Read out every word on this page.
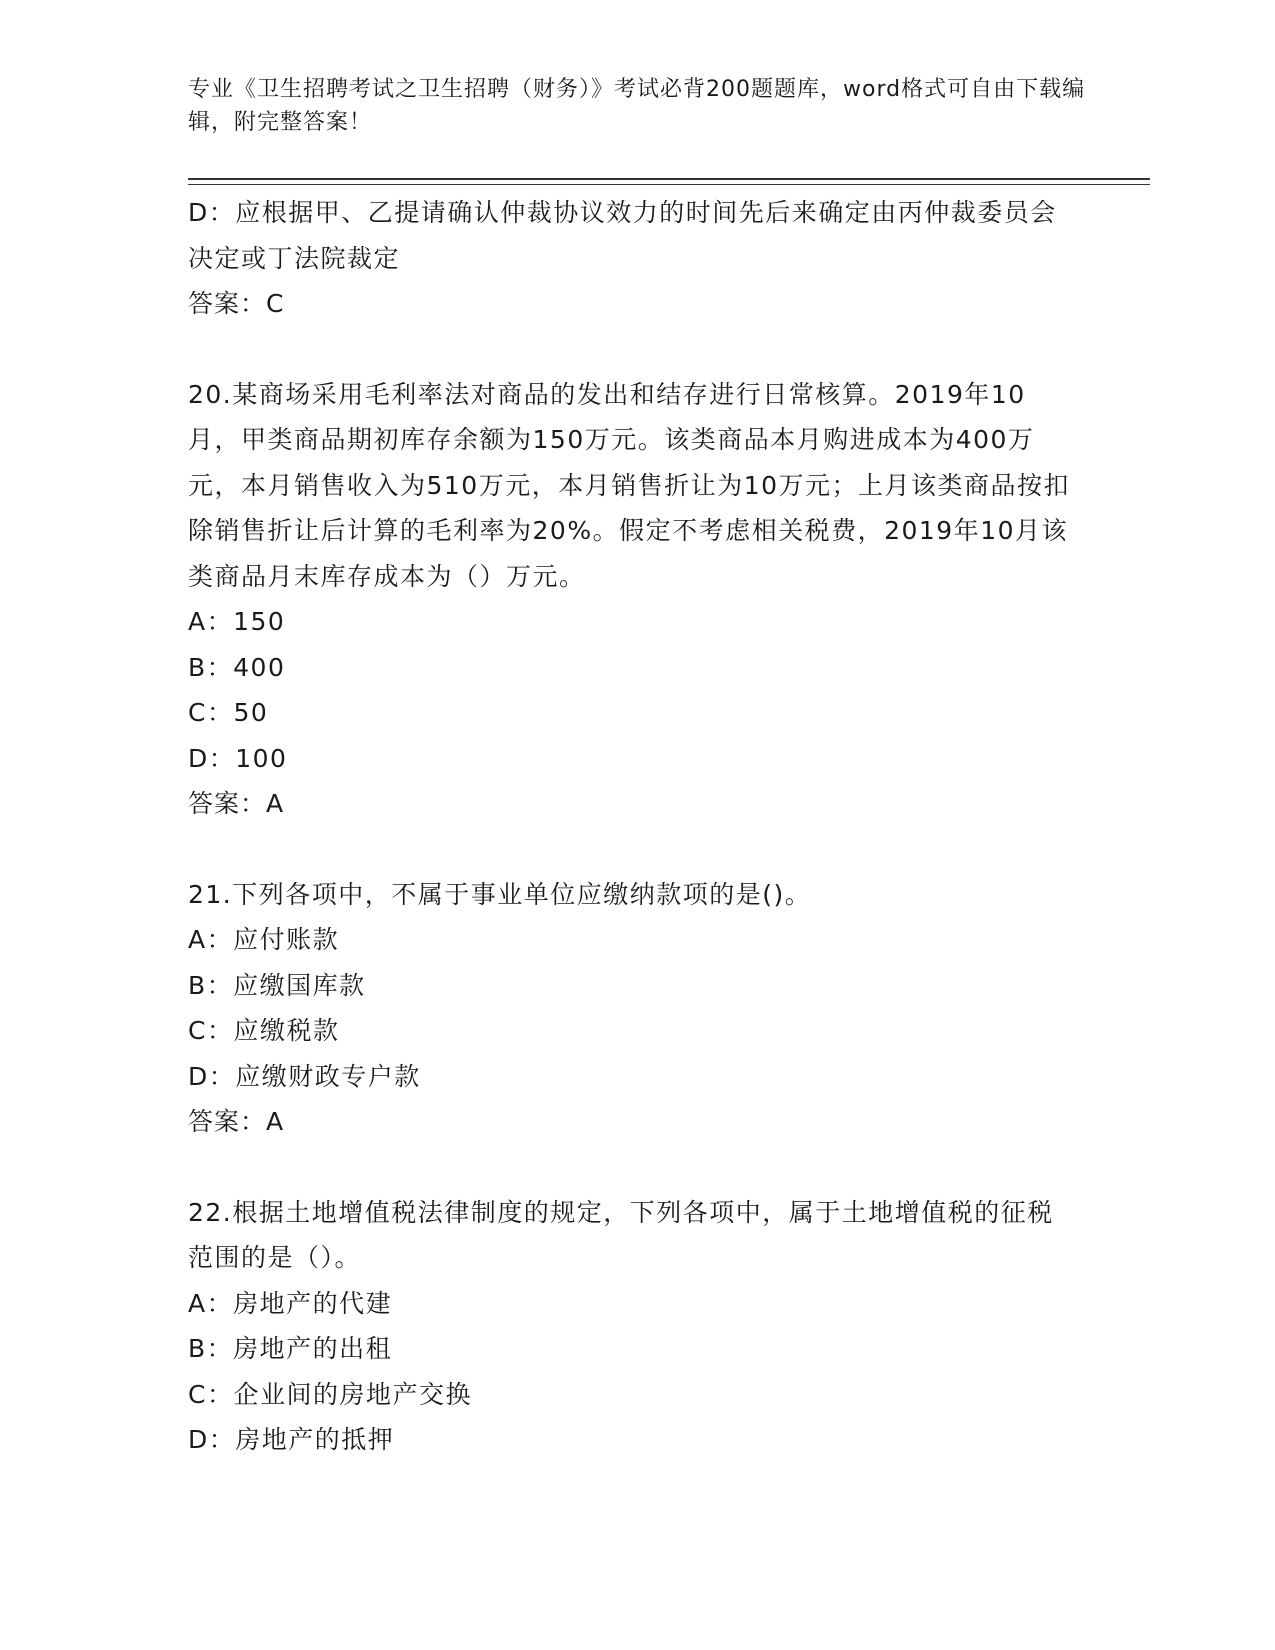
专业《卫生招聘考试之卫生招聘（财务）》考试必背200题题库，word格式可自由下载编辑，附完整答案！

D：应根据甲、乙提请确认仲裁协议效力的时间先后来确定由丙仲裁委员会决定或丁法院裁定

答案：C

20.某商场采用毛利率法对商品的发出和结存进行日常核算。2019年10月，甲类商品期初库存余额为150万元。该类商品本月购进成本为400万元，本月销售收入为510万元，本月销售折让为10万元；上月该类商品按扣除销售折让后计算的毛利率为20%。假定不考虑相关税费，2019年10月该类商品月末库存成本为（）万元。

A：150

B：400

C：50

D：100

答案：A

21.下列各项中，不属于事业单位应缴纳款项的是()。

A：应付账款

B：应缴国库款

C：应缴税款

D：应缴财政专户款

答案：A

22.根据土地增值税法律制度的规定，下列各项中，属于土地增值税的征税范围的是（）。

A：房地产的代建

B：房地产的出租

C：企业间的房地产交换

D：房地产的抵押
